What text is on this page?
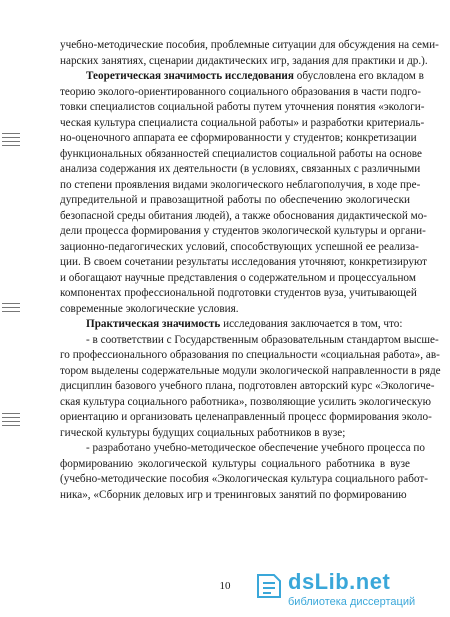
учебно-методические пособия, проблемные ситуации для обсуждения на семи-
нарских занятиях, сценарии дидактических игр, задания для практики и др.).
Теоретическая значимость исследования обусловлена его вкладом в
теорию эколого-ориентированного социального образования в части подго-
товки специалистов социальной работы путем уточнения понятия «экологи-
ческая культура специалиста социальной работы» и разработки критериаль-
но-оценочного аппарата ее сформированности у студентов; конкретизации
функциональных обязанностей специалистов социальной работы на основе
анализа содержания их деятельности (в условиях, связанных с различными
по степени проявления видами экологического неблагополучия, в ходе пре-
дупредительной и правозащитной работы по обеспечению экологически
безопасной среды обитания людей), а также обоснования дидактической мо-
дели процесса формирования у студентов экологической культуры и органи-
зационно-педагогических условий, способствующих успешной ее реализа-
ции. В своем сочетании результаты исследования уточняют, конкретизируют
и обогащают научные представления о содержательном и процессуальном
компонентах профессиональной подготовки студентов вуза, учитывающей
современные экологические условия.
Практическая значимость исследования заключается в том, что:
- в соответствии с Государственным образовательным стандартом высше-
го профессионального образования по специальности «социальная работа», ав-
тором выделены содержательные модули экологической направленности в ряде
дисциплин базового учебного плана, подготовлен авторский курс «Экологиче-
ская культура социального работника», позволяющие усилить экологическую
ориентацию и организовать целенаправленный процесс формирования эколо-
гической культуры будущих социальных работников в вузе;
- разработано учебно-методическое обеспечение учебного процесса по
формированию экологической культуры социального работника в вузе
(учебно-методические пособия «Экологическая культура социального работ-
ника», «Сборник деловых игр и тренинговых занятий по формированию
10	dsLib.net
библиотека диссертаций
